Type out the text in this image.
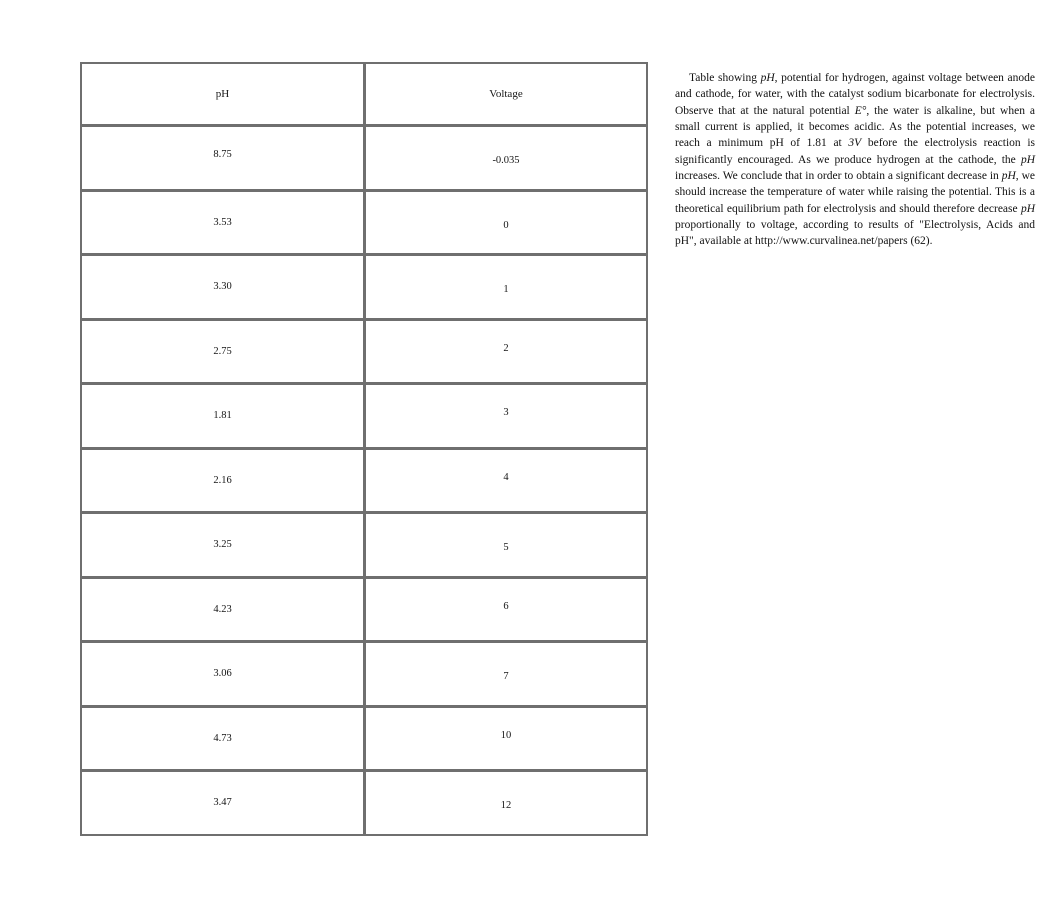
pH	Voltage
8.75	-0.035
3.53	0
3.30	1
2.75	2
1.81	3
2.16	4
3.25	5
4.23	6
3.06	7
4.73	10
3.47	12
Table showing pH, potential for hydrogen, against voltage between anode and cathode, for water, with the catalyst sodium bicarbonate for electrolysis. Observe that at the natural potential E°, the water is alkaline, but when a small current is applied, it becomes acidic. As the potential increases, we reach a minimum pH of 1.81 at 3V before the electrolysis reaction is significantly encouraged. As we produce hydrogen at the cathode, the pH increases. We conclude that in order to obtain a significant decrease in pH, we should increase the temperature of water while raising the potential. This is a theoretical equilibrium path for electrolysis and should therefore decrease pH proportionally to voltage, according to results of "Electrolysis, Acids and pH", available at http://www.curvalinea.net/papers (62).
